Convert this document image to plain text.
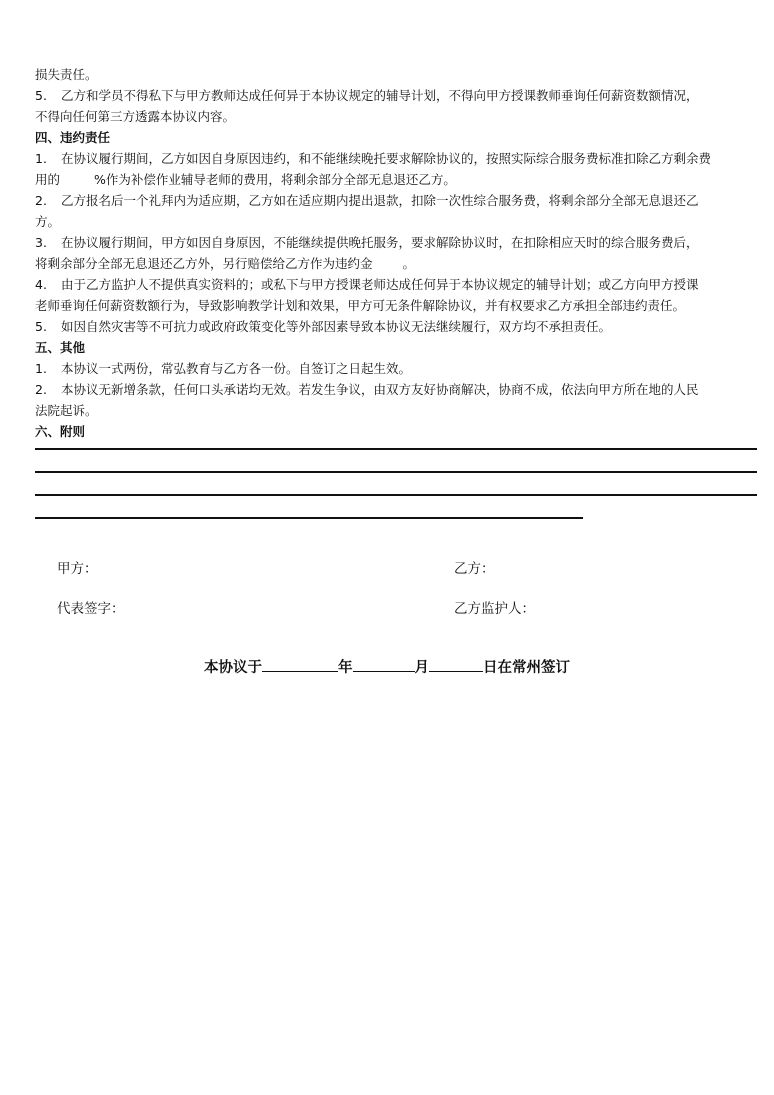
损失责任。
5. 乙方和学员不得私下与甲方教师达成任何异于本协议规定的辅导计划，不得向甲方授课教师垂询任何薪资数额情况，
不得向任何第三方透露本协议内容。
四、违约责任
1. 在协议履行期间，乙方如因自身原因违约，和不能继续晚托要求解除协议的，按照实际综合服务费标准扣除乙方剩余费
用的	%作为补偿作业辅导老师的费用，将剩余部分全部无息退还乙方。
2. 乙方报名后一个礼拜内为适应期，乙方如在适应期内提出退款，扣除一次性综合服务费，将剩余部分全部无息退还乙
方。
3. 在协议履行期间，甲方如因自身原因，不能继续提供晚托服务，要求解除协议时，在扣除相应天时的综合服务费后，
将剩余部分全部无息退还乙方外，另行赔偿给乙方作为违约金 。
4. 由于乙方监护人不提供真实资料的；或私下与甲方授课老师达成任何异于本协议规定的辅导计划；或乙方向甲方授课
老师垂询任何薪资数额行为，导致影响教学计划和效果，甲方可无条件解除协议，并有权要求乙方承担全部违约责任。
5. 如因自然灾害等不可抗力或政府政策变化等外部因素导致本协议无法继续履行，双方均不承担责任。
五、其他
1. 本协议一式两份，常弘教育与乙方各一份。自签订之日起生效。
2. 本协议无新增条款，任何口头承诺均无效。若发生争议，由双方友好协商解决，协商不成，依法向甲方所在地的人民
法院起诉。
六、附则
甲方：	乙方：
代表签字：	乙方监护人：
本协议于	年	月	日在常州签订
